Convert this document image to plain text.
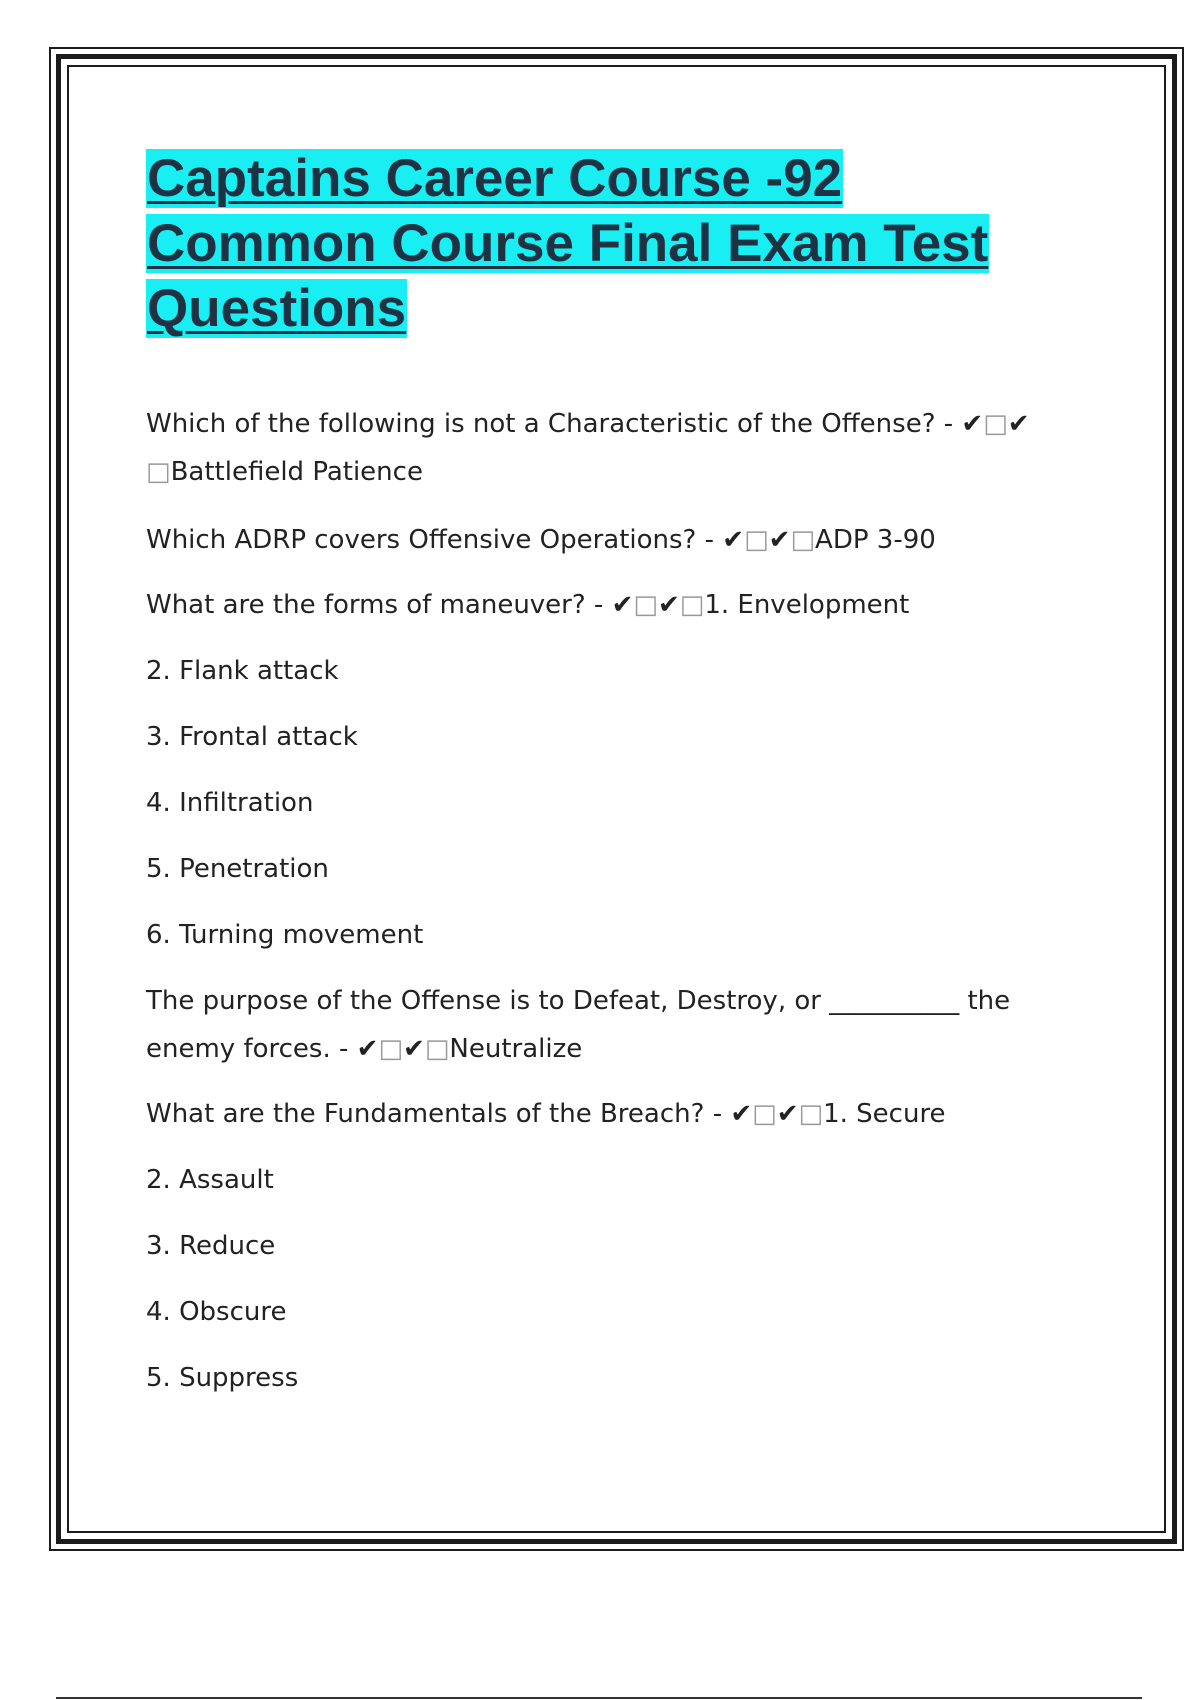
Captains Career Course -92
Common Course Final Exam Test
Questions

Which of the following is not a Characteristic of the Offense? - ✔□✔
□Battlefield Patience

Which ADRP covers Offensive Operations? - ✔□✔□ADP 3-90

What are the forms of maneuver? - ✔□✔□1. Envelopment

2. Flank attack

3. Frontal attack

4. Infiltration

5. Penetration

6. Turning movement

The purpose of the Offense is to Defeat, Destroy, or __________ the enemy forces. - ✔□✔□Neutralize

What are the Fundamentals of the Breach? - ✔□✔□1. Secure

2. Assault

3. Reduce

4. Obscure

5. Suppress
